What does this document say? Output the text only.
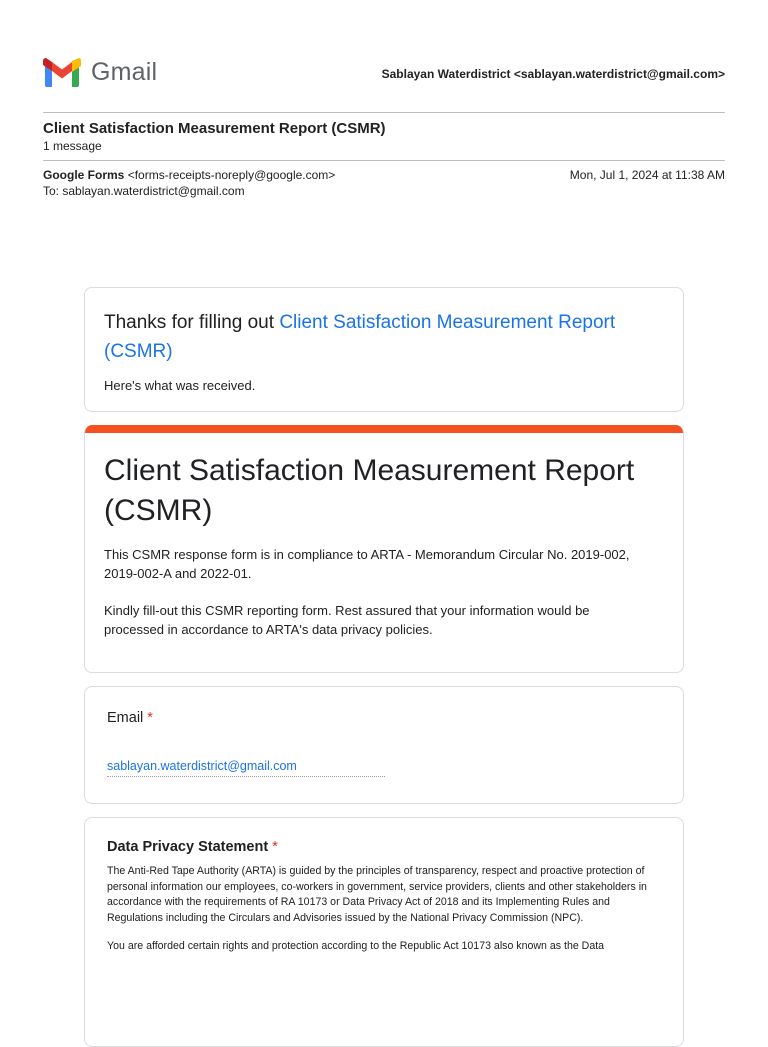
Gmail	Sablayan Waterdistrict <sablayan.waterdistrict@gmail.com>
Client Satisfaction Measurement Report (CSMR)
1 message
Google Forms <forms-receipts-noreply@google.com>
To: sablayan.waterdistrict@gmail.com
Mon, Jul 1, 2024 at 11:38 AM
Thanks for filling out Client Satisfaction Measurement Report (CSMR)
Here's what was received.
Client Satisfaction Measurement Report (CSMR)

This CSMR response form is in compliance to ARTA - Memorandum Circular No. 2019-002, 2019-002-A and 2022-01.

Kindly fill-out this CSMR reporting form. Rest assured that your information would be processed in accordance to ARTA's data privacy policies.

Email *
sablayan.waterdistrict@gmail.com
Data Privacy Statement *

The Anti-Red Tape Authority (ARTA) is guided by the principles of transparency, respect and proactive protection of personal information our employees, co-workers in government, service providers, clients and other stakeholders in accordance with the requirements of RA 10173 or Data Privacy Act of 2018 and its Implementing Rules and Regulations including the Circulars and Advisories issued by the National Privacy Commission (NPC).

You are afforded certain rights and protection according to the Republic Act 10173 also known as the Data
